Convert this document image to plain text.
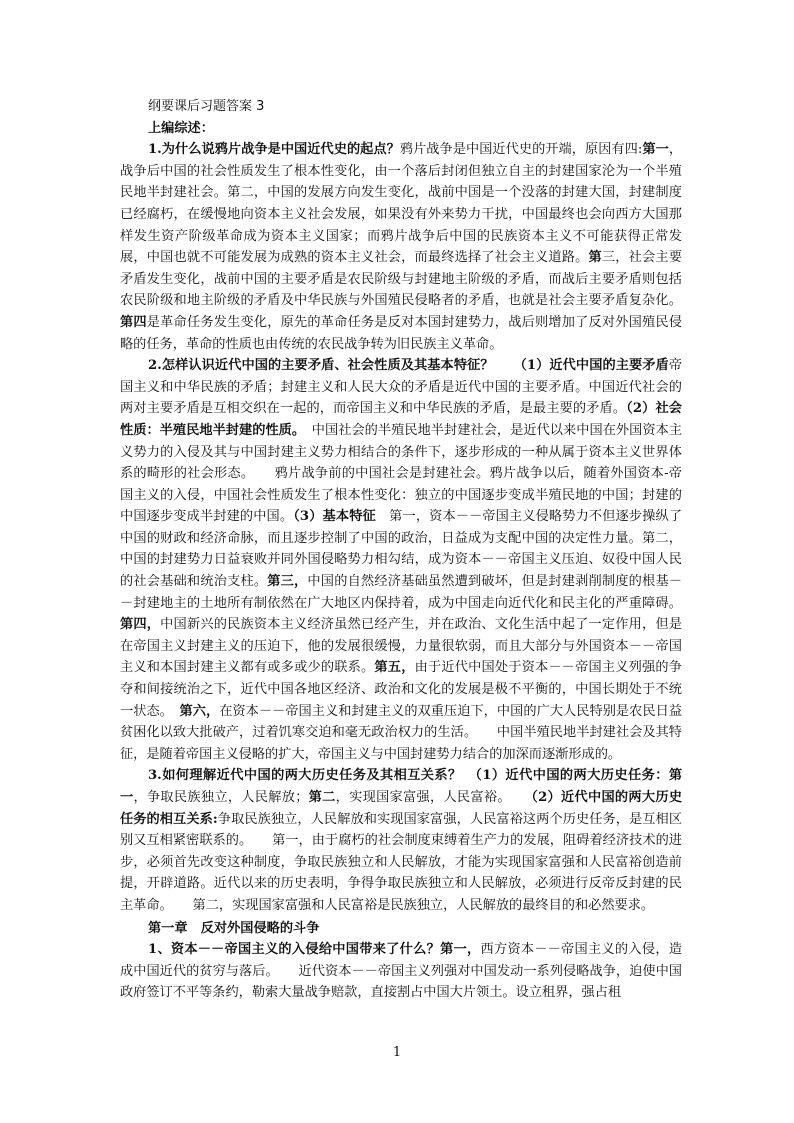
纲要课后习题答案 3
上编综述：

1.为什么说鸦片战争是中国近代史的起点？鸦片战争是中国近代史的开端，原因有四:第一，战争后中国的社会性质发生了根本性变化，由一个落后封闭但独立自主的封建国家沦为一个半殖民地半封建社会。第二，中国的发展方向发生变化，战前中国是一个没落的封建大国，封建制度已经腐朽，在缓慢地向资本主义社会发展，如果没有外来势力干扰，中国最终也会向西方大国那样发生资产阶级革命成为资本主义国家；而鸦片战争后中国的民族资本主义不可能获得正常发展，中国也就不可能发展为成熟的资本主义社会，而最终选择了社会主义道路。第三，社会主要矛盾发生变化，战前中国的主要矛盾是农民阶级与封建地主阶级的矛盾，而战后主要矛盾则包括农民阶级和地主阶级的矛盾及中华民族与外国殖民侵略者的矛盾，也就是社会主要矛盾复杂化。第四是革命任务发生变化，原先的革命任务是反对本国封建势力，战后则增加了反对外国殖民侵略的任务，革命的性质也由传统的农民战争转为旧民族主义革命。

2.怎样认识近代中国的主要矛盾、社会性质及其基本特征？　　 （1）近代中国的主要矛盾帝国主义和中华民族的矛盾；封建主义和人民大众的矛盾是近代中国的主要矛盾。中国近代社会的两对主要矛盾是互相交织在一起的，而帝国主义和中华民族的矛盾，是最主要的矛盾。（2）社会性质：半殖民地半封建的性质。　 中国社会的半殖民地半封建社会，是近代以来中国在外国资本主义势力的入侵及其与中国封建主义势力相结合的条件下，逐步形成的一种从属于资本主义世界体系的畸形的社会形态。　　鸦片战争前的中国社会是封建社会。鸦片战争以后，随着外国资本-帝国主义的入侵，中国社会性质发生了根本性变化：独立的中国逐步变成半殖民地的中国；封建的中国逐步变成半封建的中国。（3）基本特征　第一，资本－－帝国主义侵略势力不但逐步操纵了中国的财政和经济命脉，而且逐步控制了中国的政治，日益成为支配中国的决定性力量。第二，中国的封建势力日益衰败并同外国侵略势力相勾结，成为资本－－帝国主义压迫、奴役中国人民的社会基础和统治支柱。第三，中国的自然经济基础虽然遭到破坏，但是封建剥削制度的根基－－封建地主的土地所有制依然在广大地区内保持着，成为中国走向近代化和民主化的严重障碍。第四，中国新兴的民族资本主义经济虽然已经产生，并在政治、文化生活中起了一定作用，但是在帝国主义封建主义的压迫下，他的发展很缓慢，力量很软弱，而且大部分与外国资本－－帝国主义和本国封建主义都有或多或少的联系。第五，由于近代中国处于资本－－帝国主义列强的争夺和间接统治之下，近代中国各地区经济、政治和文化的发展是极不平衡的，中国长期处于不统一状态。　第六，在资本－－帝国主义和封建主义的双重压迫下，中国的广大人民特别是农民日益贫困化以致大批破产，过着饥寒交迫和毫无政治权力的生活。　　中国半殖民地半封建社会及其特征，是随着帝国主义侵略的扩大，帝国主义与中国封建势力结合的加深而逐渐形成的。

3.如何理解近代中国的两大历史任务及其相互关系？　 （1）近代中国的两大历史任务：第一，争取民族独立，人民解放；第二，实现国家富强，人民富裕。　　（2）近代中国的两大历史任务的相互关系:争取民族独立，人民解放和实现国家富强，人民富裕这两个历史任务，是互相区别又互相紧密联系的。　　第一，由于腐朽的社会制度束缚着生产力的发展，阻碍着经济技术的进步，必须首先改变这种制度，争取民族独立和人民解放，才能为实现国家富强和人民富裕创造前提，开辟道路。近代以来的历史表明，争得争取民族独立和人民解放，必须进行反帝反封建的民主革命。　　第二，实现国家富强和人民富裕是民族独立，人民解放的最终目的和必然要求。

第一章　反对外国侵略的斗争

1、资本－－帝国主义的入侵给中国带来了什么？第一，西方资本－－帝国主义的入侵，造成中国近代的贫穷与落后。　　近代资本－－帝国主义列强对中国发动一系列侵略战争，迫使中国政府签订不平等条约，勒索大量战争赔款，直接割占中国大片领土。设立租界，强占租

1
